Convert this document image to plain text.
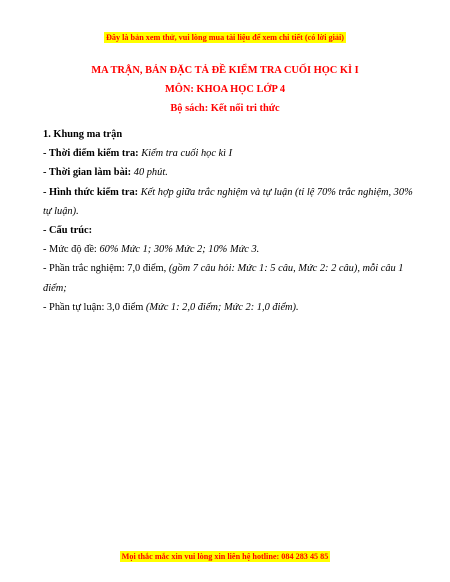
Đây là bản xem thử, vui lòng mua tài liệu để xem chi tiết (có lời giải)
MA TRẬN, BẢN ĐẶC TẢ ĐỀ KIỂM TRA CUỐI HỌC KÌ I
MÔN: KHOA HỌC LỚP 4
Bộ sách: Kết nối tri thức

1. Khung ma trận

- Thời điểm kiểm tra: Kiểm tra cuối học kì I

- Thời gian làm bài: 40 phút.

- Hình thức kiểm tra: Kết hợp giữa trắc nghiệm và tự luận (tỉ lệ 70% trắc nghiệm, 30% tự luận).

- Cấu trúc:

- Mức độ đề: 60% Mức 1; 30% Mức 2; 10% Mức 3.

- Phần trắc nghiệm: 7,0 điểm, (gồm 7 câu hỏi: Mức 1: 5 câu, Mức 2: 2 câu), mỗi câu 1 điểm;

- Phần tự luận: 3,0 điểm (Mức 1: 2,0 điểm; Mức 2: 1,0 điểm).

Mọi thắc mắc xin vui lòng xin liên hệ hotline: 084 283 45 85
